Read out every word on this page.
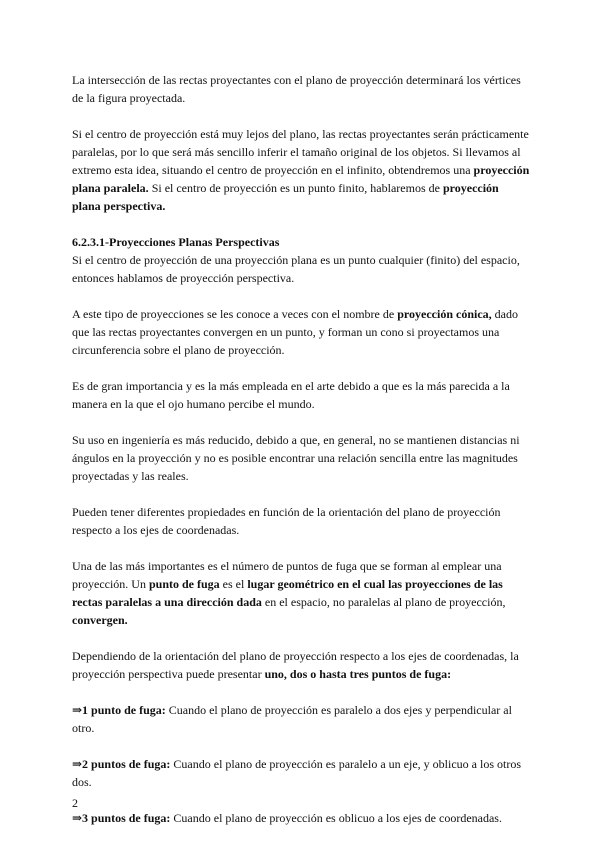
La intersección de las rectas proyectantes con el plano de proyección determinará los vértices de la figura proyectada.

Si el centro de proyección está muy lejos del plano, las rectas proyectantes serán prácticamente paralelas, por lo que será más sencillo inferir el tamaño original de los objetos. Si llevamos al extremo esta idea, situando el centro de proyección en el infinito, obtendremos una proyección plana paralela. Si el centro de proyección es un punto finito, hablaremos de proyección plana perspectiva.

6.2.3.1-Proyecciones Planas Perspectivas

Si el centro de proyección de una proyección plana es un punto cualquier (finito) del espacio, entonces hablamos de proyección perspectiva.

A este tipo de proyecciones se les conoce a veces con el nombre de proyección cónica, dado que las rectas proyectantes convergen en un punto, y forman un cono si proyectamos una circunferencia sobre el plano de proyección.

Es de gran importancia y es la más empleada en el arte debido a que es la más parecida a la manera en la que el ojo humano percibe el mundo.

Su uso en ingeniería es más reducido, debido a que, en general, no se mantienen distancias ni ángulos en la proyección y no es posible encontrar una relación sencilla entre las magnitudes proyectadas y las reales.

Pueden tener diferentes propiedades en función de la orientación del plano de proyección respecto a los ejes de coordenadas.

Una de las más importantes es el número de puntos de fuga que se forman al emplear una proyección. Un punto de fuga es el lugar geométrico en el cual las proyecciones de las rectas paralelas a una dirección dada en el espacio, no paralelas al plano de proyección, convergen.

Dependiendo de la orientación del plano de proyección respecto a los ejes de coordenadas, la proyección perspectiva puede presentar uno, dos o hasta tres puntos de fuga:

⇒1 punto de fuga: Cuando el plano de proyección es paralelo a dos ejes y perpendicular al otro.

⇒2 puntos de fuga: Cuando el plano de proyección es paralelo a un eje, y oblicuo a los otros dos.

⇒3 puntos de fuga: Cuando el plano de proyección es oblicuo a los ejes de coordenadas.

2
